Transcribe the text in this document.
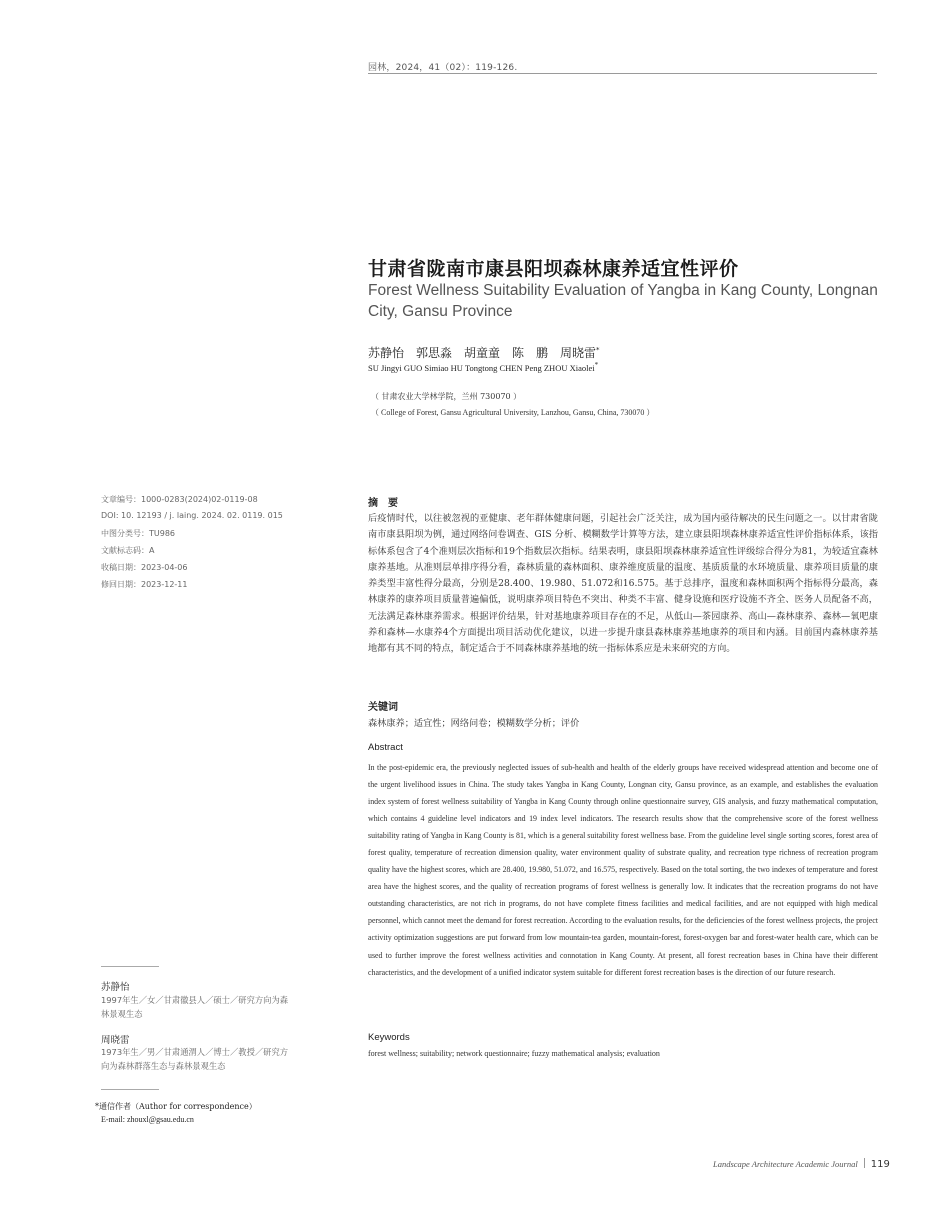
园林，2024，41（02）：119-126.
甘肃省陇南市康县阳坝森林康养适宜性评价
Forest Wellness Suitability Evaluation of Yangba in Kang County, Longnan City, Gansu Province
苏静怡　郭思淼　胡童童　陈　鹏　周晓雷*
SU Jingyi GUO Simiao HU Tongtong CHEN Peng ZHOU Xiaolei*
（ 甘肃农业大学林学院，兰州 730070 ）
（ College of Forest, Gansu Agricultural University, Lanzhou, Gansu, China, 730070 ）
文章编号：1000-0283(2024)02-0119-08
DOI: 10. 12193 / j. laing. 2024. 02. 0119. 015
中图分类号：TU986
文献标志码：A
收稿日期：2023-04-06
修回日期：2023-12-11
摘　要
后疫情时代，以往被忽视的亚健康、老年群体健康问题，引起社会广泛关注，成为国内亟待解决的民生问题之一。以甘肃省陇南市康县阳坝为例，通过网络问卷调查、GIS 分析、模糊数学计算等方法，建立康县阳坝森林康养适宜性评价指标体系，该指标体系包含了4个准则层次指标和19个指数层次指标。结果表明，康县阳坝森林康养适宜性评级综合得分为81，为较适宜森林康养基地。从准则层单排序得分看，森林质量的森林面积、康养维度质量的温度、基质质量的水环境质量、康养项目质量的康养类型丰富性得分最高，分别是28.400、19.980、51.072和16.575。基于总排序，温度和森林面积两个指标得分最高，森林康养的康养项目质量普遍偏低，说明康养项目特色不突出、种类不丰富、健身设施和医疗设施不齐全、医务人员配备不高，无法满足森林康养需求。根据评价结果，针对基地康养项目存在的不足，从低山—茶园康养、高山—森林康养、森林—氧吧康养和森林—水康养4个方面提出项目活动优化建议，以进一步提升康县森林康养基地康养的项目和内涵。目前国内森林康养基地都有其不同的特点，制定适合于不同森林康养基地的统一指标体系应是未来研究的方向。
关键词
森林康养；适宜性；网络问卷；模糊数学分析；评价
Abstract
In the post-epidemic era, the previously neglected issues of sub-health and health of the elderly groups have received widespread attention and become one of the urgent livelihood issues in China. The study takes Yangba in Kang County, Longnan city, Gansu province, as an example, and establishes the evaluation index system of forest wellness suitability of Yangba in Kang County through online questionnaire survey, GIS analysis, and fuzzy mathematical computation, which contains 4 guideline level indicators and 19 index level indicators. The research results show that the comprehensive score of the forest wellness suitability rating of Yangba in Kang County is 81, which is a general suitability forest wellness base. From the guideline level single sorting scores, forest area of forest quality, temperature of recreation dimension quality, water environment quality of substrate quality, and recreation type richness of recreation program quality have the highest scores, which are 28.400, 19.980, 51.072, and 16.575, respectively. Based on the total sorting, the two indexes of temperature and forest area have the highest scores, and the quality of recreation programs of forest wellness is generally low. It indicates that the recreation programs do not have outstanding characteristics, are not rich in programs, do not have complete fitness facilities and medical facilities, and are not equipped with high medical personnel, which cannot meet the demand for forest recreation. According to the evaluation results, for the deficiencies of the forest wellness projects, the project activity optimization suggestions are put forward from low mountain-tea garden, mountain-forest, forest-oxygen bar and forest-water health care, which can be used to further improve the forest wellness activities and connotation in Kang County. At present, all forest recreation bases in China have their different characteristics, and the development of a unified indicator system suitable for different forest recreation bases is the direction of our future research.
Keywords
forest wellness; suitability; network questionnaire; fuzzy mathematical analysis; evaluation
苏静怡
1997年生／女／甘肃徽县人／硕士／研究方向为森林景观生态
周晓雷
1973年生／男／甘肃通渭人／博士／教授／研究方向为森林群落生态与森林景观生态
*通信作者（Author for correspondence）
E-mail: zhouxl@gsau.edu.cn
Landscape Architecture Academic Journal 119
